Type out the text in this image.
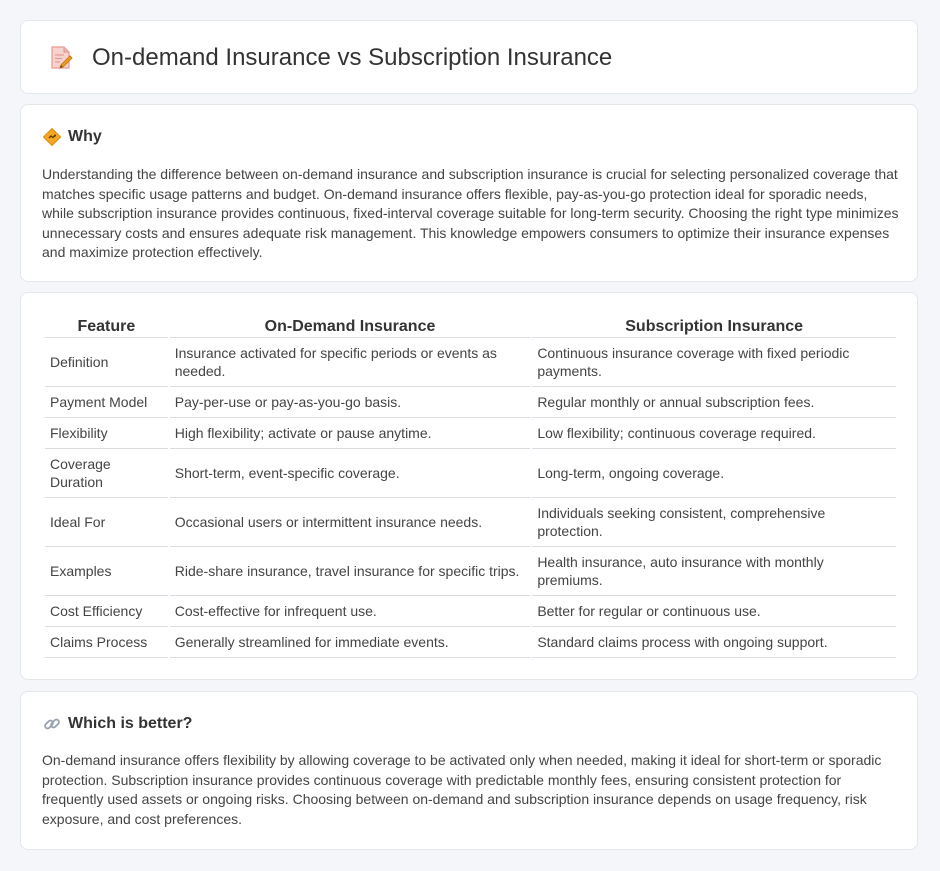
On-demand Insurance vs Subscription Insurance
Why

Understanding the difference between on-demand insurance and subscription insurance is crucial for selecting personalized coverage that matches specific usage patterns and budget. On-demand insurance offers flexible, pay-as-you-go protection ideal for sporadic needs, while subscription insurance provides continuous, fixed-interval coverage suitable for long-term security. Choosing the right type minimizes unnecessary costs and ensures adequate risk management. This knowledge empowers consumers to optimize their insurance expenses and maximize protection effectively.

Feature	On-Demand Insurance	Subscription Insurance
Definition	Insurance activated for specific periods or events as needed.	Continuous insurance coverage with fixed periodic payments.
Payment Model	Pay-per-use or pay-as-you-go basis.	Regular monthly or annual subscription fees.
Flexibility	High flexibility; activate or pause anytime.	Low flexibility; continuous coverage required.
Coverage Duration	Short-term, event-specific coverage.	Long-term, ongoing coverage.
Ideal For	Occasional users or intermittent insurance needs.	Individuals seeking consistent, comprehensive protection.
Examples	Ride-share insurance, travel insurance for specific trips.	Health insurance, auto insurance with monthly premiums.
Cost Efficiency	Cost-effective for infrequent use.	Better for regular or continuous use.
Claims Process	Generally streamlined for immediate events.	Standard claims process with ongoing support.
Which is better?

On-demand insurance offers flexibility by allowing coverage to be activated only when needed, making it ideal for short-term or sporadic protection. Subscription insurance provides continuous coverage with predictable monthly fees, ensuring consistent protection for frequently used assets or ongoing risks. Choosing between on-demand and subscription insurance depends on usage frequency, risk exposure, and cost preferences.
